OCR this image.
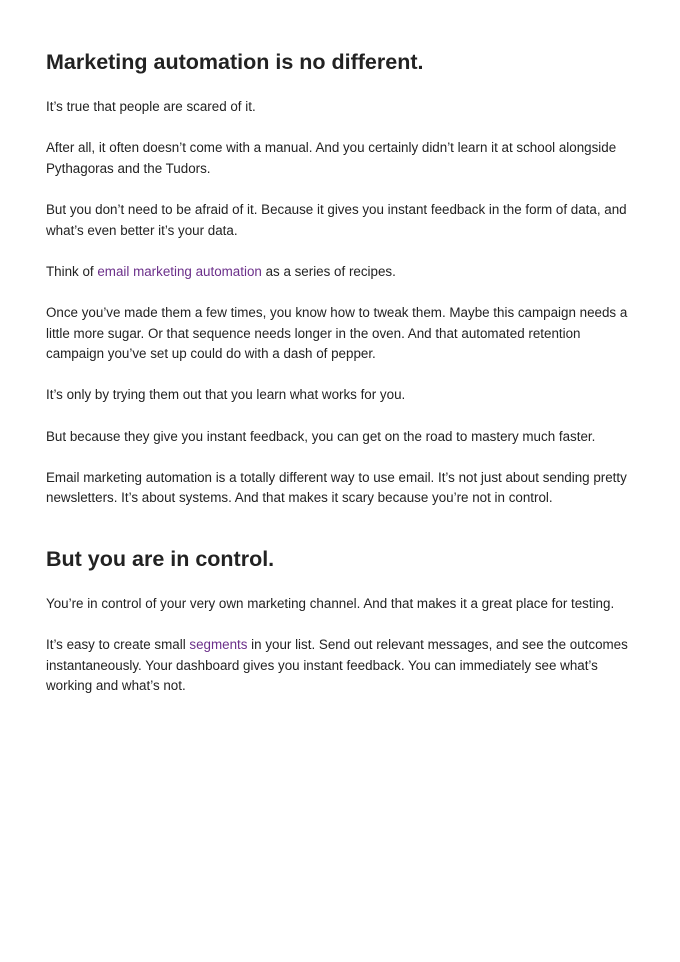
Marketing automation is no different.

It’s true that people are scared of it.

After all, it often doesn’t come with a manual. And you certainly didn’t learn it at school alongside Pythagoras and the Tudors.

But you don’t need to be afraid of it. Because it gives you instant feedback in the form of data, and what’s even better it’s your data.

Think of email marketing automation as a series of recipes.

Once you’ve made them a few times, you know how to tweak them. Maybe this campaign needs a little more sugar. Or that sequence needs longer in the oven. And that automated retention campaign you’ve set up could do with a dash of pepper.

It’s only by trying them out that you learn what works for you.

But because they give you instant feedback, you can get on the road to mastery much faster.

Email marketing automation is a totally different way to use email. It’s not just about sending pretty newsletters. It’s about systems. And that makes it scary because you’re not in control.

But you are in control.

You’re in control of your very own marketing channel. And that makes it a great place for testing.

It’s easy to create small segments in your list. Send out relevant messages, and see the outcomes instantaneously. Your dashboard gives you instant feedback. You can immediately see what’s working and what’s not.
